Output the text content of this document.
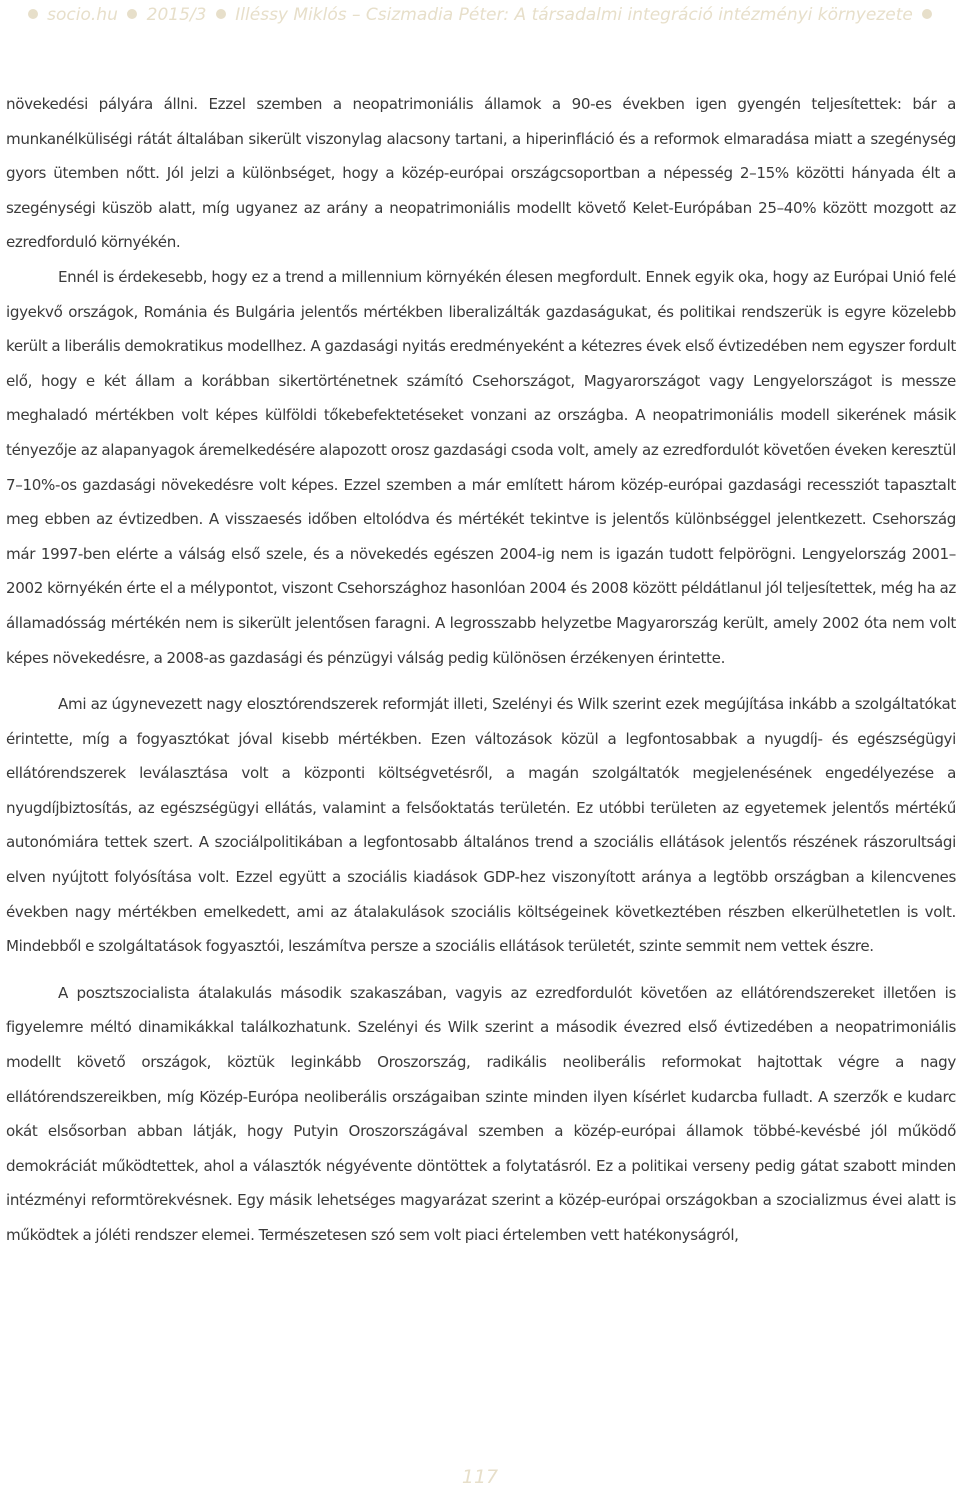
socio.hu 2015/3 Illéssy Miklós – Csizmadia Péter: A társadalmi integráció intézményi környezete

növekedési pályára állni. Ezzel szemben a neopatrimoniális államok a 90-es években igen gyengén teljesítettek: bár a munkanélküliségi rátát általában sikerült viszonylag alacsony tartani, a hiperinfláció és a reformok elmaradása miatt a szegénység gyors ütemben nőtt. Jól jelzi a különbséget, hogy a közép-európai országcsoportban a népesség 2–15% közötti hányada élt a szegénységi küszöb alatt, míg ugyanez az arány a neopatrimoniális modellt követő Kelet-Európában 25–40% között mozgott az ezredforduló környékén.

Ennél is érdekesebb, hogy ez a trend a millennium környékén élesen megfordult. Ennek egyik oka, hogy az Európai Unió felé igyekvő országok, Románia és Bulgária jelentős mértékben liberalizálták gazdaságukat, és politikai rendszerük is egyre közelebb került a liberális demokratikus modellhez. A gazdasági nyitás eredményeként a kétezres évek első évtizedében nem egyszer fordult elő, hogy e két állam a korábban sikertörténetnek számító Csehországot, Magyarországot vagy Lengyelországot is messze meghaladó mértékben volt képes külföldi tőkebefektetéseket vonzani az országba. A neopatrimoniális modell sikerének másik tényezője az alapanyagok áremelkedésére alapozott orosz gazdasági csoda volt, amely az ezredfordulót követően éveken keresztül 7–10%-os gazdasági növekedésre volt képes. Ezzel szemben a már említett három közép-európai gazdasági recessziót tapasztalt meg ebben az évtizedben. A visszaesés időben eltolódva és mértékét tekintve is jelentős különbséggel jelentkezett. Csehország már 1997-ben elérte a válság első szele, és a növekedés egészen 2004-ig nem is igazán tudott felpörögni. Lengyelország 2001–2002 környékén érte el a mélypontot, viszont Csehországhoz hasonlóan 2004 és 2008 között példátlanul jól teljesítettek, még ha az államadósság mértékén nem is sikerült jelentősen faragni. A legrosszabb helyzetbe Magyarország került, amely 2002 óta nem volt képes növekedésre, a 2008-as gazdasági és pénzügyi válság pedig különösen érzékenyen érintette.

Ami az úgynevezett nagy elosztórendszerek reformját illeti, Szelényi és Wilk szerint ezek megújítása inkább a szolgáltatókat érintette, míg a fogyasztókat jóval kisebb mértékben. Ezen változások közül a legfontosabbak a nyugdíj- és egészségügyi ellátórendszerek leválasztása volt a központi költségvetésről, a magán szolgáltatók megjelenésének engedélyezése a nyugdíjbiztosítás, az egészségügyi ellátás, valamint a felsőoktatás területén. Ez utóbbi területen az egyetemek jelentős mértékű autonómiára tettek szert. A szociálpolitikában a legfontosabb általános trend a szociális ellátások jelentős részének rászorultsági elven nyújtott folyósítása volt. Ezzel együtt a szociális kiadások GDP-hez viszonyított aránya a legtöbb országban a kilencvenes években nagy mértékben emelkedett, ami az átalakulások szociális költségeinek következtében részben elkerülhetetlen is volt. Mindebből e szolgáltatások fogyasztói, leszámítva persze a szociális ellátások területét, szinte semmit nem vettek észre.

A posztszocialista átalakulás második szakaszában, vagyis az ezredfordulót követően az ellátórendszereket illetően is figyelemre méltó dinamikákkal találkozhatunk. Szelényi és Wilk szerint a második évezred első évtizedében a neopatrimoniális modellt követő országok, köztük leginkább Oroszország, radikális neoliberális reformokat hajtottak végre a nagy ellátórendszereikben, míg Közép-Európa neoliberális országaiban szinte minden ilyen kísérlet kudarcba fulladt. A szerzők e kudarc okát elsősorban abban látják, hogy Putyin Oroszországával szemben a közép-európai államok többé-kevésbé jól működő demokráciát működtettek, ahol a választók négyévente döntöttek a folytatásról. Ez a politikai verseny pedig gátat szabott minden intézményi reformtörekvésnek. Egy másik lehetséges magyarázat szerint a közép-európai országokban a szocializmus évei alatt is működtek a jóléti rendszer elemei. Természetesen szó sem volt piaci értelemben vett hatékonyságról,

117
